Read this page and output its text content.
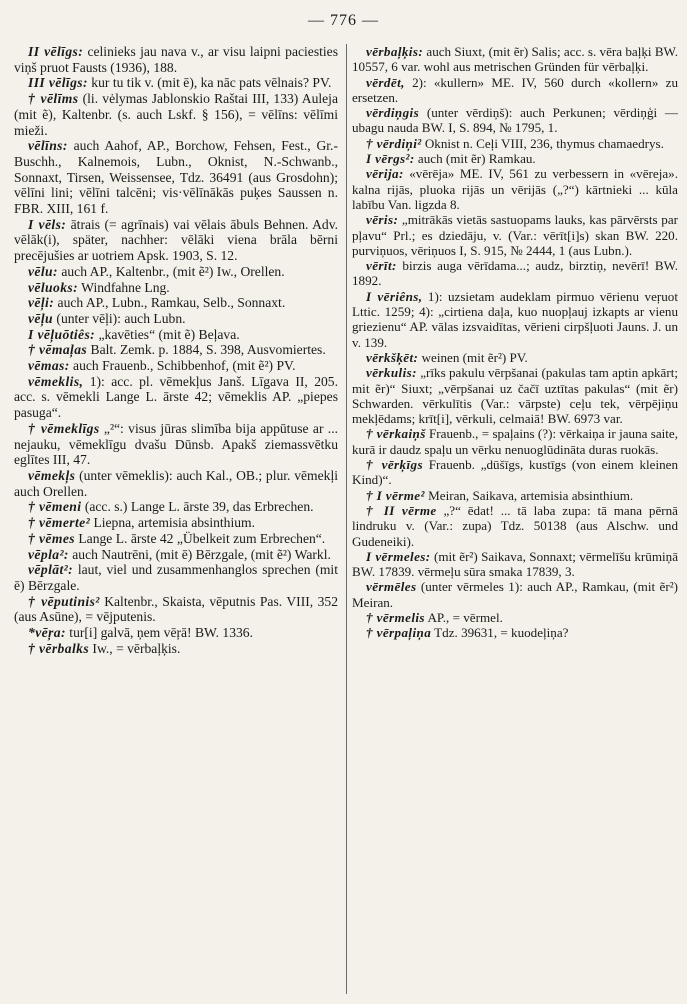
— 776 —

II vēlīgs: celinieks jau nava v., ar visu laipni paciesties viņš pruot Fausts (1936), 188.

III vēlīgs: kur tu tik v. (mit ē), ka nāc pats vēlnais? PV.

† vēlīms (li. vėlymas Jablonskio Raštai III, 133) Auleja (mit ẽ), Kaltenbr. (s. auch Lskf. § 156), = vēlīns: vēlīmi mieži.

vēlīns: auch Aahof, AP., Borchow, Fehsen, Fest., Gr.-Buschh., Kalnemois, Lubn., Oknist, N.-Schwanb., Sonnaxt, Tirsen, Weissensee, Tdz. 36491 (aus Grosdohn); vēlīni lini; vēlīni talcēni; vis·vēlīnākās puķes Saussen n. FBR. XIII, 161 f.

I vēls: ātrais (= agrīnais) vai vēlais ābuls Behnen. Adv. vēlāk(i), später, nachher: vēlāki viena brāla bērni precējušies ar uotriem Apsk. 1903, S. 12.

vēlu: auch AP., Kaltenbr., (mit ẽ²) Iw., Orellen.

vēluoks: Windfahne Lng.

vēļi: auch AP., Lubn., Ramkau, Selb., Sonnaxt.

vēļu (unter vēļi): auch Lubn.

I vēļuōtiês: „kavēties“ (mit ẽ) Beļava.

† vēmaļas Balt. Zemk. p. 1884, S. 398, Ausvomiertes.

vēmas: auch Frauenb., Schibbenhof, (mit ẽ²) PV.

vēmeklis, 1): acc. pl. vēmekļus Janš. Līgava II, 205. acc. s. vēmekli Lange L. ārste 42; vēmeklis AP. „piepes pasuga“.

† vēmeklīgs „²“: visus jūras slimība bija appūtuse ar ... nejauku, vēmeklīgu dvašu Dūnsb. Apakš ziemassvētku eglītes III, 47.

vēmekļs (unter vēmeklis): auch Kal., OB.; plur. vēmekļi auch Orellen.

† vēmeni (acc. s.) Lange L. ārste 39, das Erbrechen.

† vēmerte² Liepna, artemisia absinthium.

† vēmes Lange L. ārste 42 „Übelkeit zum Erbrechen“.

vēpla²: auch Nautrēni, (mit ē) Bērzgale, (mit ẽ²) Warkl.

vēplāt²: laut, viel und zusammenhanglos sprechen (mit ē) Bērzgale.

† vēputinis² Kaltenbr., Skaista, vēputnis Pas. VIII, 352 (aus Asūne), = vējputenis.

*vēŗa: tur[i] galvā, ņem vēŗā! BW. 1336.

† vērbalks Iw., = vērbaļķis.

vērbaļķis: auch Siuxt, (mit ẽr) Salis; acc. s. vēra baļķi BW. 10557, 6 var. wohl aus metrischen Gründen für vērbaļķi.

vērdēt, 2): «kullern» ME. IV, 560 durch «kollern» zu ersetzen.

vērdiņgis (unter vērdiņš): auch Perkunen; vērdiņģi — ubagu nauda BW. I, S. 894, № 1795, 1.

† vērdiņi² Oknist n. Ceļi VIII, 236, thymus chamaedrys.

I vērgs²: auch (mit ẽr) Ramkau.

vērija: «vērēja» ME. IV, 561 zu verbessern in «vēreja». kalna rijās, pluoka rijās un vērijās („?“) kārtnieki ... kūla labību Van. ligzda 8.

vēris: „mitrākās vietās sastuopams lauks, kas pārvērsts par pļavu“ Prl.; es dziedāju, v. (Var.: vērīt[i]s) skan BW. 220. purviņuos, vēriņuos I, S. 915, № 2444, 1 (aus Lubn.).

vērīt: birzis auga vērīdama...; audz, birztiņ, nevērī! BW. 1892.

I vēriêns, 1): uzsietam audeklam pirmuo vērienu veŗuot Lttic. 1259; 4): „cirtiena daļa, kuo nuopļauj izkapts ar vienu griezienu“ AP. vālas izsvaidītas, vērieni cirpšļuoti Jauns. J. un v. 139.

vērkšķēt: weinen (mit ẽr²) PV.

vērkulis: „rīks pakulu vērpšanai (pakulas tam aptin apkārt; mit ẽr)“ Siuxt; „vērpšanai uz čačī uztītas pakulas“ (mit ẽr) Schwarden. vērkulītis (Var.: vārpste) ceļu tek, vērpējiņu mekļēdams; krīt[i], vērkuli, celmaiā! BW. 6973 var.

† vērkaiņš Frauenb., = spaļains (?): vērkaiņa ir jauna saite, kurā ir daudz spaļu un vērku nenuoglūdināta duras ruokās.

† vērķīgs Frauenb. „dūšīgs, kustīgs (von einem kleinen Kind)“.

† I vērme² Meiran, Saikava, artemisia absinthium.

† II vērme „?“ ēdat! ... tā laba zupa: tā mana pērnā lindruku v. (Var.: zupa) Tdz. 50138 (aus Alschw. und Gudeneiki).

I vērmeles: (mit ẽr²) Saikava, Sonnaxt; vērmelīšu krūmiņā BW. 17839. vērmeļu sūra smaka 17839, 3.

vērmēles (unter vērmeles 1): auch AP., Ramkau, (mit ẽr²) Meiran.

† vērmelis AP., = vērmel.

† vērpaļiņa Tdz. 39631, = kuodeļiņa?
